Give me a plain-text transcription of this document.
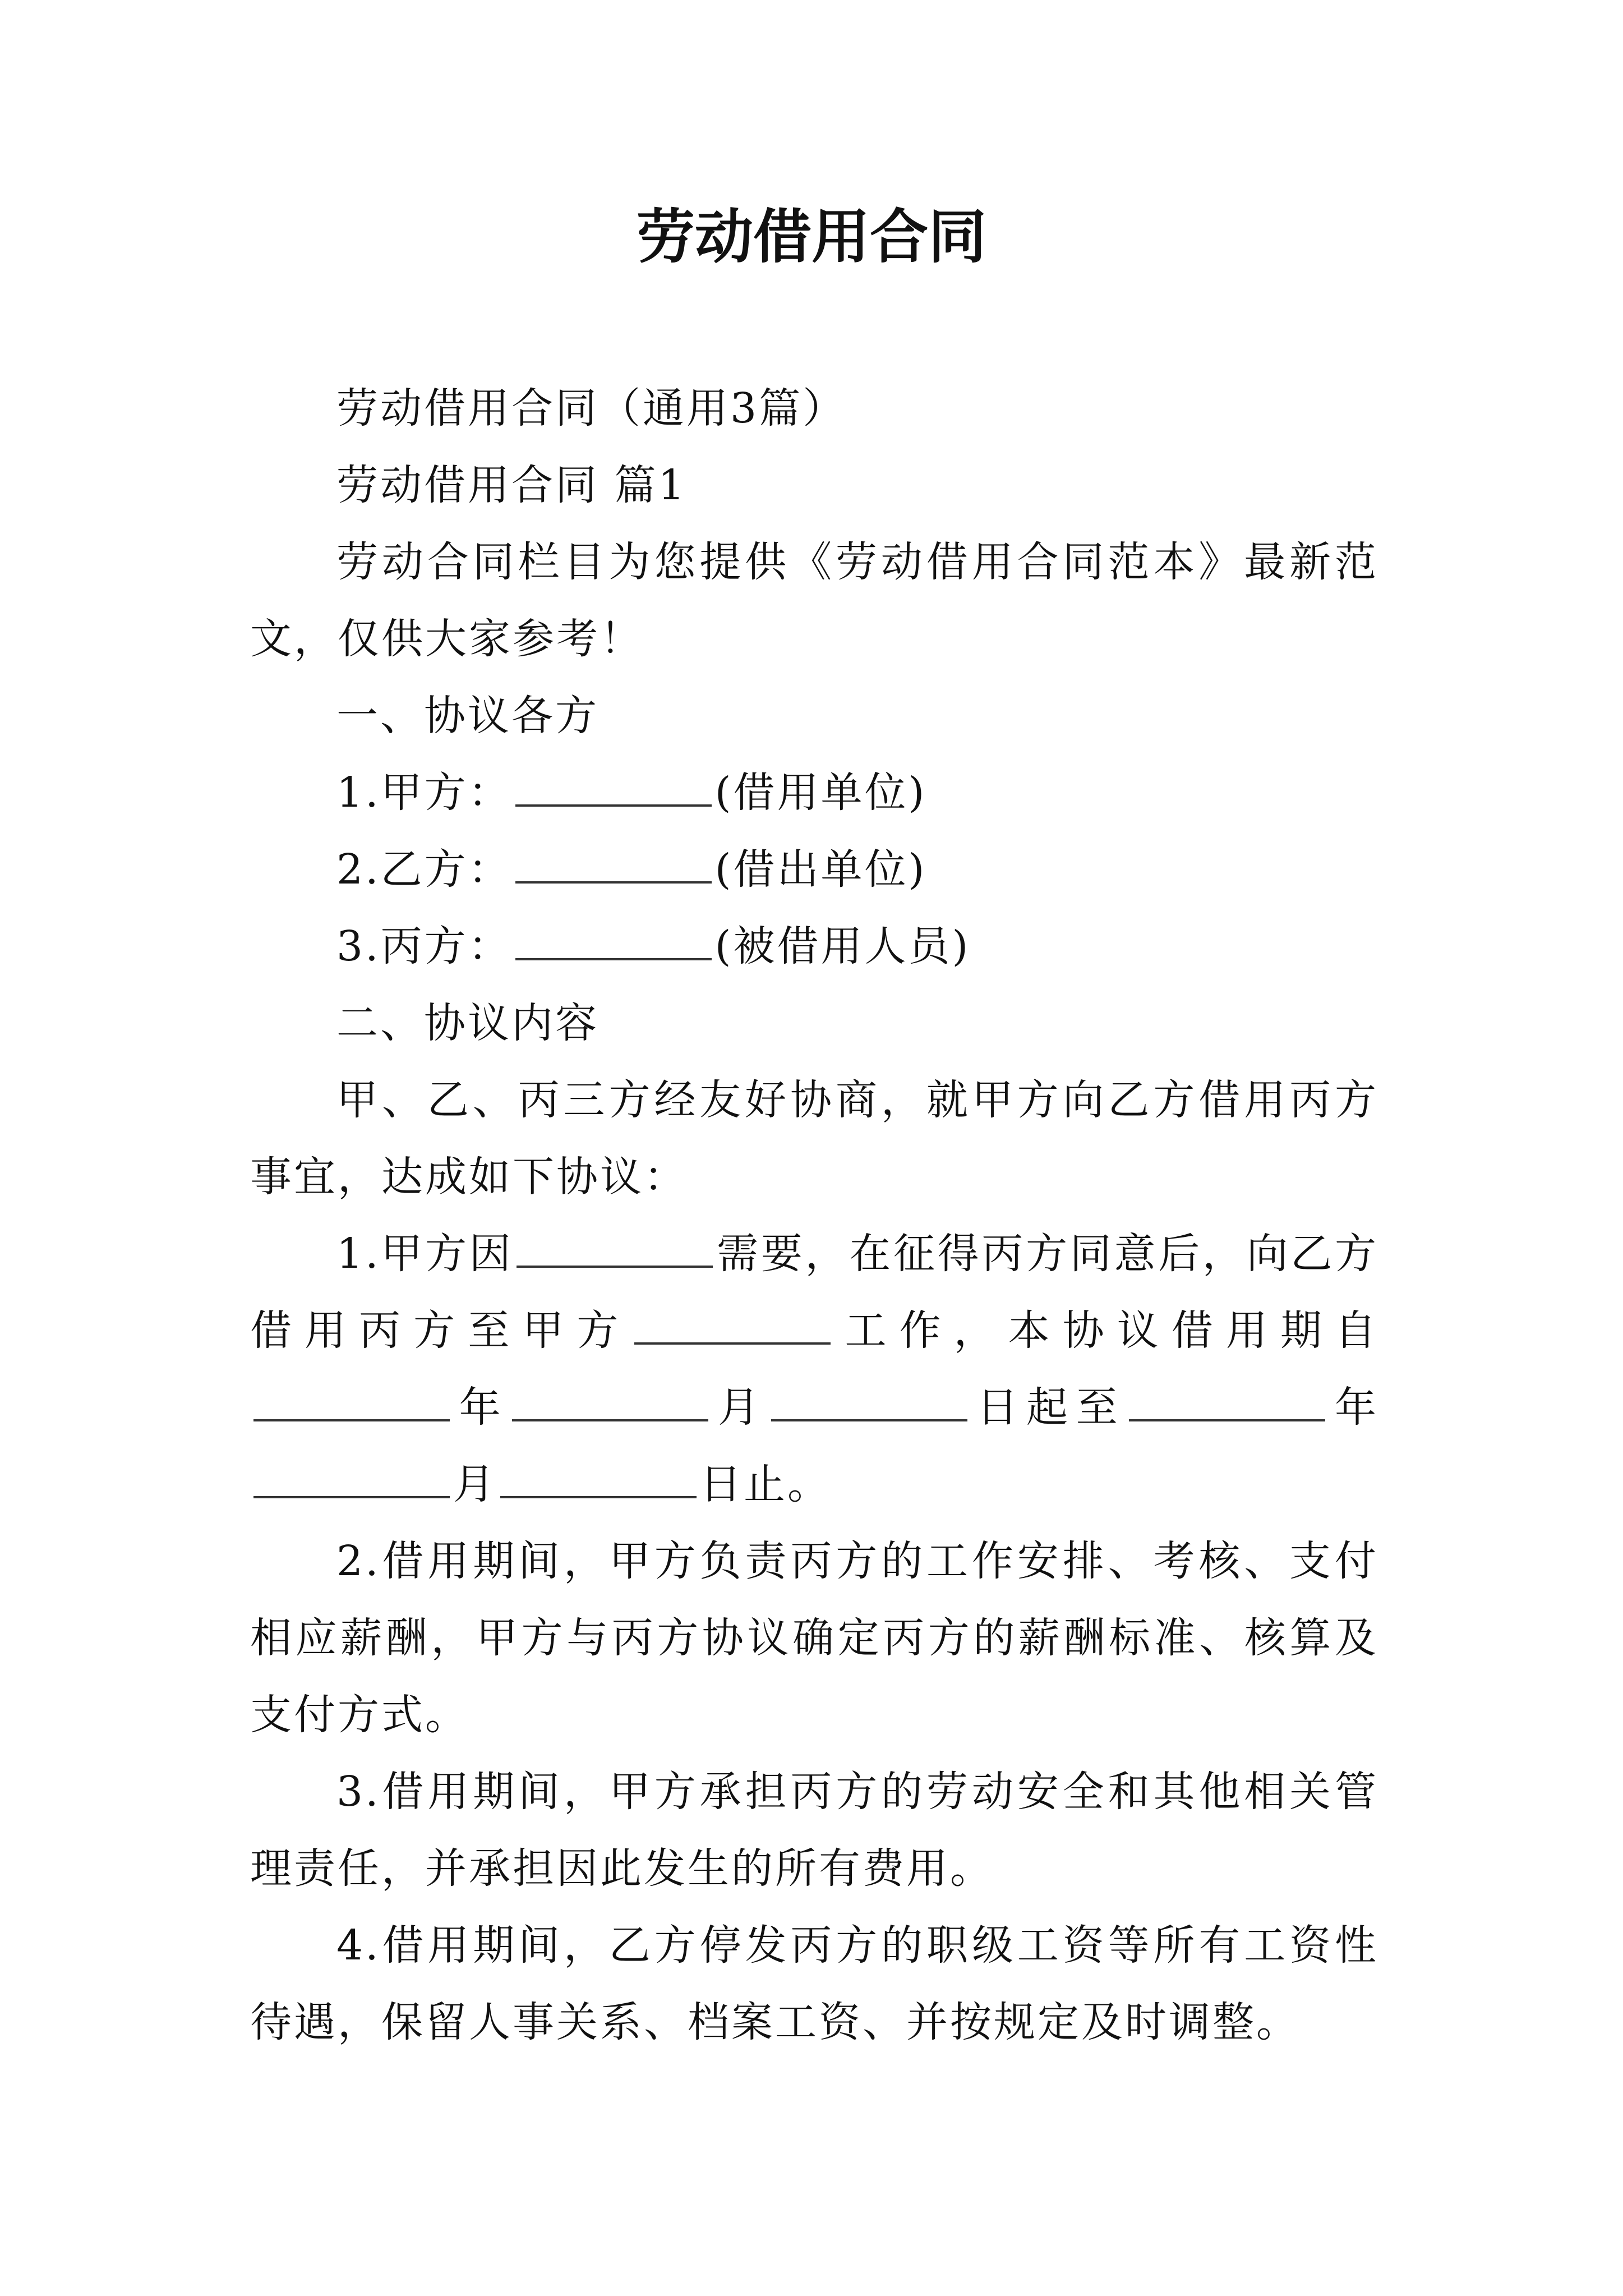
劳动借用合同

劳动借用合同（通用3篇）

劳动借用合同 篇1

劳动合同栏目为您提供《劳动借用合同范本》最新范文，仅供大家参考！

一、协议各方

1.甲方：	(借用单位)

2.乙方：	(借出单位)

3.丙方：	(被借用人员)

二、协议内容

甲、乙、丙三方经友好协商，就甲方向乙方借用丙方事宜，达成如下协议：

1.甲方因	需要，在征得丙方同意后，向乙方借用丙方至甲方	工作，本协议借用期自年	月	日起至	年月	日止。

2.借用期间，甲方负责丙方的工作安排、考核、支付相应薪酬，甲方与丙方协议确定丙方的薪酬标准、核算及支付方式。

3.借用期间，甲方承担丙方的劳动安全和其他相关管理责任，并承担因此发生的所有费用。

4.借用期间，乙方停发丙方的职级工资等所有工资性待遇，保留人事关系、档案工资、并按规定及时调整。
